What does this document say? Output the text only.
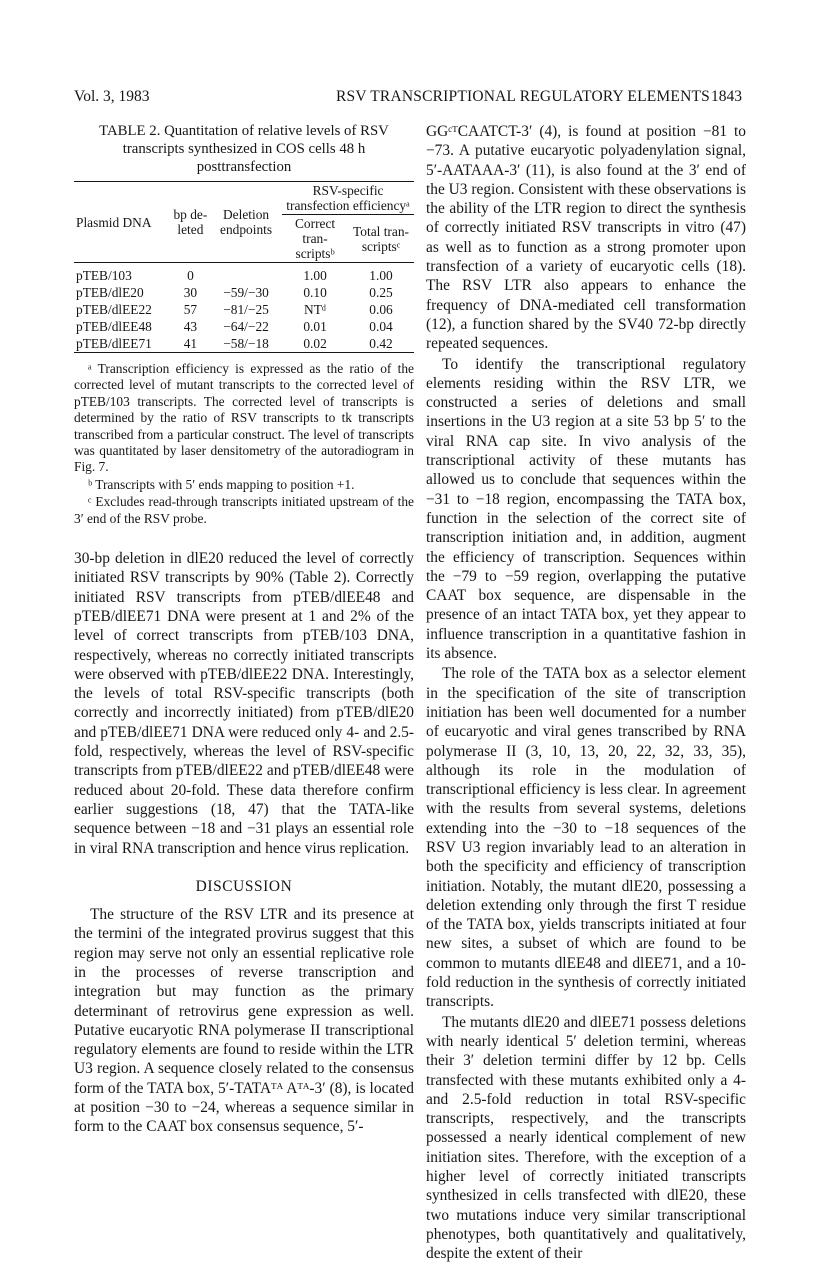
Vol. 3, 1983	RSV TRANSCRIPTIONAL REGULATORY ELEMENTS 1843
TABLE 2. Quantitation of relative levels of RSV transcripts synthesized in COS cells 48 h posttransfection
Plasmid DNA	bp de-leted	Deletion endpoints	RSV-specific transfection efficiencyᵃ	
			Correct tran-scriptsᵇ	Total tran-scriptsᶜ
pTEB/103	0		1.00	1.00
pTEB/dlE20	30	−59/−30	0.10	0.25
pTEB/dlEE22	57	−81/−25	NTᵈ	0.06
pTEB/dlEE48	43	−64/−22	0.01	0.04
pTEB/dlEE71	41	−58/−18	0.02	0.42

ᵃ Transcription efficiency is expressed as the ratio of the corrected level of mutant transcripts to the corrected level of pTEB/103 transcripts. The corrected level of transcripts is determined by the ratio of RSV transcripts to tk transcripts transcribed from a particular construct. The level of transcripts was quantitated by laser densitometry of the autoradiogram in Fig. 7.

ᵇ Transcripts with 5′ ends mapping to position +1.

ᶜ Excludes read-through transcripts initiated upstream of the 3′ end of the RSV probe.

30-bp deletion in dlE20 reduced the level of correctly initiated RSV transcripts by 90% (Table 2). Correctly initiated RSV transcripts from pTEB/dlEE48 and pTEB/dlEE71 DNA were present at 1 and 2% of the level of correct transcripts from pTEB/103 DNA, respectively, whereas no correctly initiated transcripts were observed with pTEB/dlEE22 DNA. Interestingly, the levels of total RSV-specific transcripts (both correctly and incorrectly initiated) from pTEB/dlE20 and pTEB/dlEE71 DNA were reduced only 4- and 2.5-fold, respectively, whereas the level of RSV-specific transcripts from pTEB/dlEE22 and pTEB/dlEE48 were reduced about 20-fold. These data therefore confirm earlier suggestions (18, 47) that the TATA-like sequence between −18 and −31 plays an essential role in viral RNA transcription and hence virus replication.

DISCUSSION

The structure of the RSV LTR and its presence at the termini of the integrated provirus suggest that this region may serve not only an essential replicative role in the processes of reverse transcription and integration but may function as the primary determinant of retrovirus gene expression as well. Putative eucaryotic RNA polymerase II transcriptional regulatory elements are found to reside within the LTR U3 region. A sequence closely related to the consensus form of the TATA box, 5′-TATAᵀᴬ Aᵀᴬ-3′ (8), is located at position −30 to −24, whereas a sequence similar in form to the CAAT box consensus sequence, 5′-

GGᶜᵀCAATCT-3′ (4), is found at position −81 to −73. A putative eucaryotic polyadenylation signal, 5′-AATAAA-3′ (11), is also found at the 3′ end of the U3 region. Consistent with these observations is the ability of the LTR region to direct the synthesis of correctly initiated RSV transcripts in vitro (47) as well as to function as a strong promoter upon transfection of a variety of eucaryotic cells (18). The RSV LTR also appears to enhance the frequency of DNA-mediated cell transformation (12), a function shared by the SV40 72-bp directly repeated sequences.

To identify the transcriptional regulatory elements residing within the RSV LTR, we constructed a series of deletions and small insertions in the U3 region at a site 53 bp 5′ to the viral RNA cap site. In vivo analysis of the transcriptional activity of these mutants has allowed us to conclude that sequences within the −31 to −18 region, encompassing the TATA box, function in the selection of the correct site of transcription initiation and, in addition, augment the efficiency of transcription. Sequences within the −79 to −59 region, overlapping the putative CAAT box sequence, are dispensable in the presence of an intact TATA box, yet they appear to influence transcription in a quantitative fashion in its absence.

The role of the TATA box as a selector element in the specification of the site of transcription initiation has been well documented for a number of eucaryotic and viral genes transcribed by RNA polymerase II (3, 10, 13, 20, 22, 32, 33, 35), although its role in the modulation of transcriptional efficiency is less clear. In agreement with the results from several systems, deletions extending into the −30 to −18 sequences of the RSV U3 region invariably lead to an alteration in both the specificity and efficiency of transcription initiation. Notably, the mutant dlE20, possessing a deletion extending only through the first T residue of the TATA box, yields transcripts initiated at four new sites, a subset of which are found to be common to mutants dlEE48 and dlEE71, and a 10-fold reduction in the synthesis of correctly initiated transcripts.

The mutants dlE20 and dlEE71 possess deletions with nearly identical 5′ deletion termini, whereas their 3′ deletion termini differ by 12 bp. Cells transfected with these mutants exhibited only a 4- and 2.5-fold reduction in total RSV-specific transcripts, respectively, and the transcripts possessed a nearly identical complement of new initiation sites. Therefore, with the exception of a higher level of correctly initiated transcripts synthesized in cells transfected with dlE20, these two mutations induce very similar transcriptional phenotypes, both quantitatively and qualitatively, despite the extent of their
